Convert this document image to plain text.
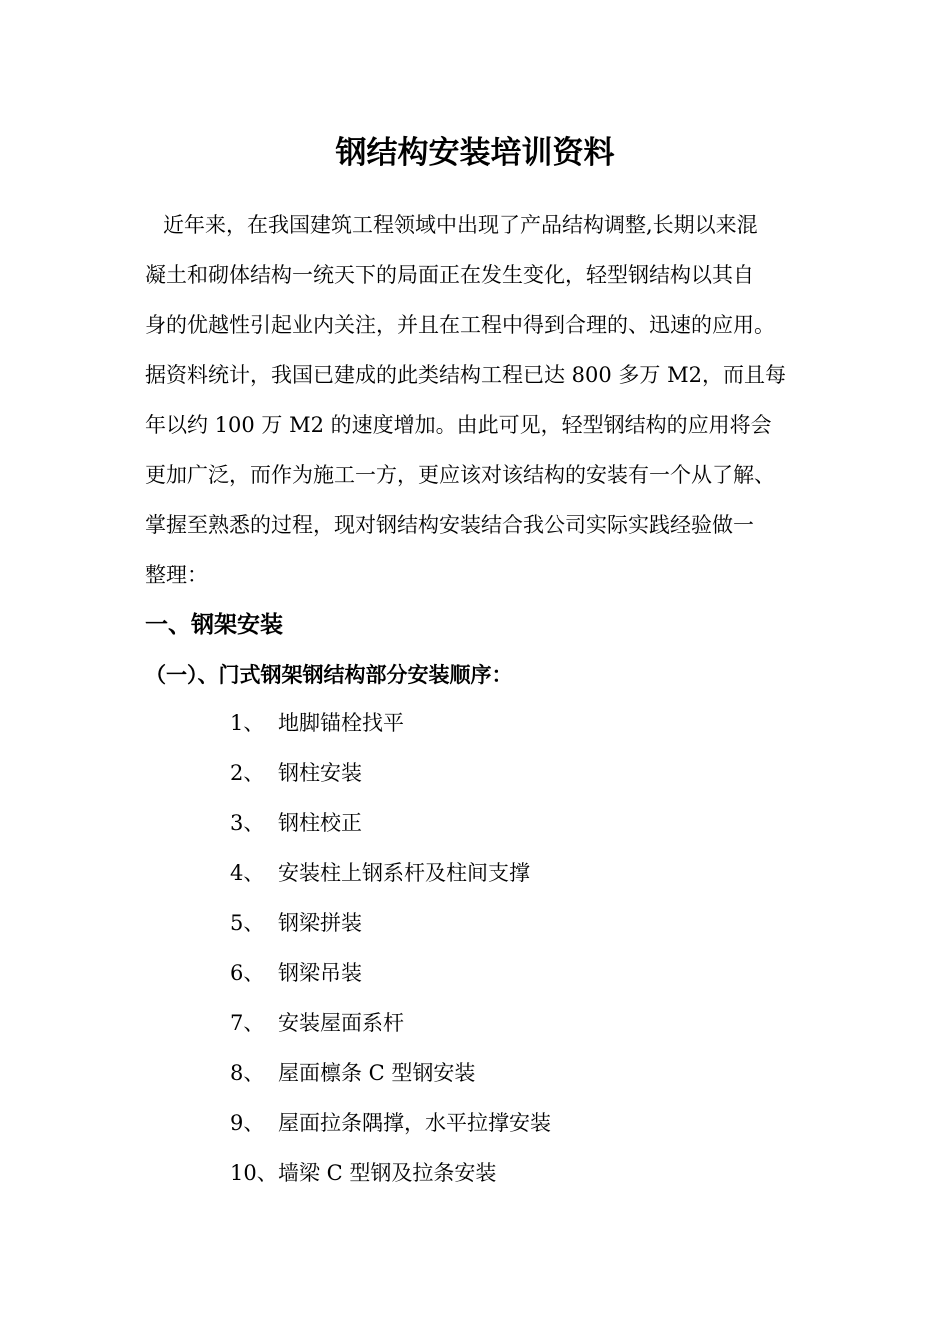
钢结构安装培训资料
近年来，在我国建筑工程领域中出现了产品结构调整,长期以来混
凝土和砌体结构一统天下的局面正在发生变化，轻型钢结构以其自
身的优越性引起业内关注，并且在工程中得到合理的、迅速的应用。
据资料统计，我国已建成的此类结构工程已达 800 多万 M2，而且每
年以约 100 万 M2 的速度增加。由此可见，轻型钢结构的应用将会
更加广泛，而作为施工一方，更应该对该结构的安装有一个从了解、
掌握至熟悉的过程，现对钢结构安装结合我公司实际实践经验做一
整理：
一、钢架安装
（一）、门式钢架钢结构部分安装顺序：
1、 地脚锚栓找平
2、 钢柱安装
3、 钢柱校正
4、 安装柱上钢系杆及柱间支撑
5、 钢梁拼装
6、 钢梁吊装
7、 安装屋面系杆
8、 屋面檩条 C 型钢安装
9、 屋面拉条隅撑，水平拉撑安装
10、墙梁 C 型钢及拉条安装
